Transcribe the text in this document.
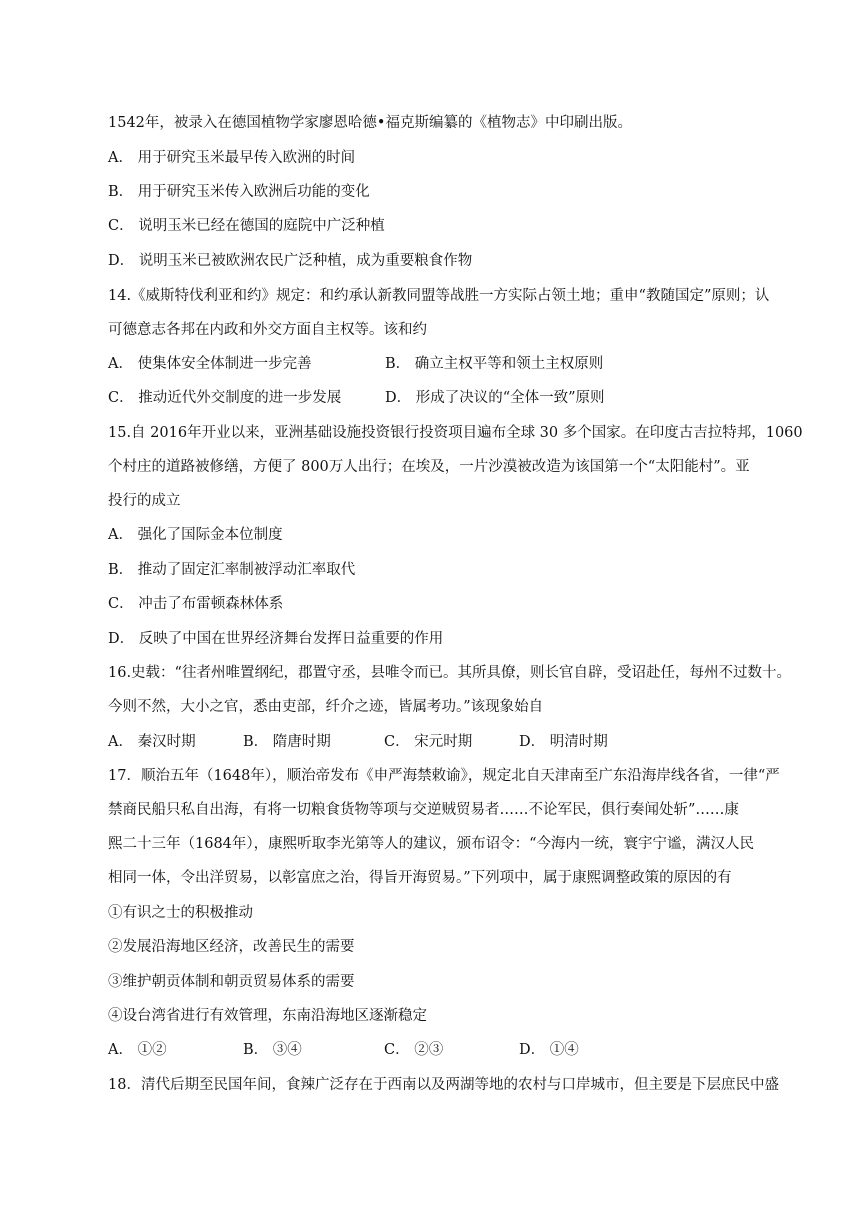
1542年，被录入在德国植物学家廖恩哈德•福克斯编纂的《植物志》中印刷出版。
A． 用于研究玉米最早传入欧洲的时间
B． 用于研究玉米传入欧洲后功能的变化
C． 说明玉米已经在德国的庭院中广泛种植
D． 说明玉米已被欧洲农民广泛种植，成为重要粮食作物
14.《威斯特伐利亚和约》规定：和约承认新教同盟等战胜一方实际占领土地；重申“教随国定”原则；认
可德意志各邦在内政和外交方面自主权等。该和约
A． 使集体安全体制进一步完善	B． 确立主权平等和领土主权原则
C． 推动近代外交制度的进一步发展	D． 形成了决议的“全体一致”原则
15.自 2016年开业以来，亚洲基础设施投资银行投资项目遍布全球 30 多个国家。在印度古吉拉特邦，1060
个村庄的道路被修缮，方便了 800万人出行；在埃及，一片沙漠被改造为该国第一个“太阳能村”。亚
投行的成立
A． 强化了国际金本位制度
B． 推动了固定汇率制被浮动汇率取代
C． 冲击了布雷顿森林体系
D． 反映了中国在世界经济舞台发挥日益重要的作用
16.史载：“往者州唯置纲纪，郡置守丞，县唯令而已。其所具僚，则长官自辟，受诏赴任，每州不过数十。
今则不然，大小之官，悉由吏部，纤介之迹，皆属考功。”该现象始自
A． 秦汉时期	B． 隋唐时期	C． 宋元时期	D． 明清时期
17．顺治五年（1648年），顺治帝发布《申严海禁敕谕》，规定北自天津南至广东沿海岸线各省，一律“严
禁商民船只私自出海，有将一切粮食货物等项与交逆贼贸易者……不论军民，俱行奏闻处斩”……康
熙二十三年（1684年），康熙听取李光第等人的建议，颁布诏令：“今海内一统，寰宇宁谧，满汉人民
相同一体，令出洋贸易，以彰富庶之治，得旨开海贸易。”下列项中，属于康熙调整政策的原因的有
①有识之士的积极推动
②发展沿海地区经济，改善民生的需要
③维护朝贡体制和朝贡贸易体系的需要
④设台湾省进行有效管理，东南沿海地区逐渐稳定
A． ①②	B． ③④	C． ②③	D． ①④
18．清代后期至民国年间，食辣广泛存在于西南以及两湖等地的农村与口岸城市，但主要是下层庶民中盛
